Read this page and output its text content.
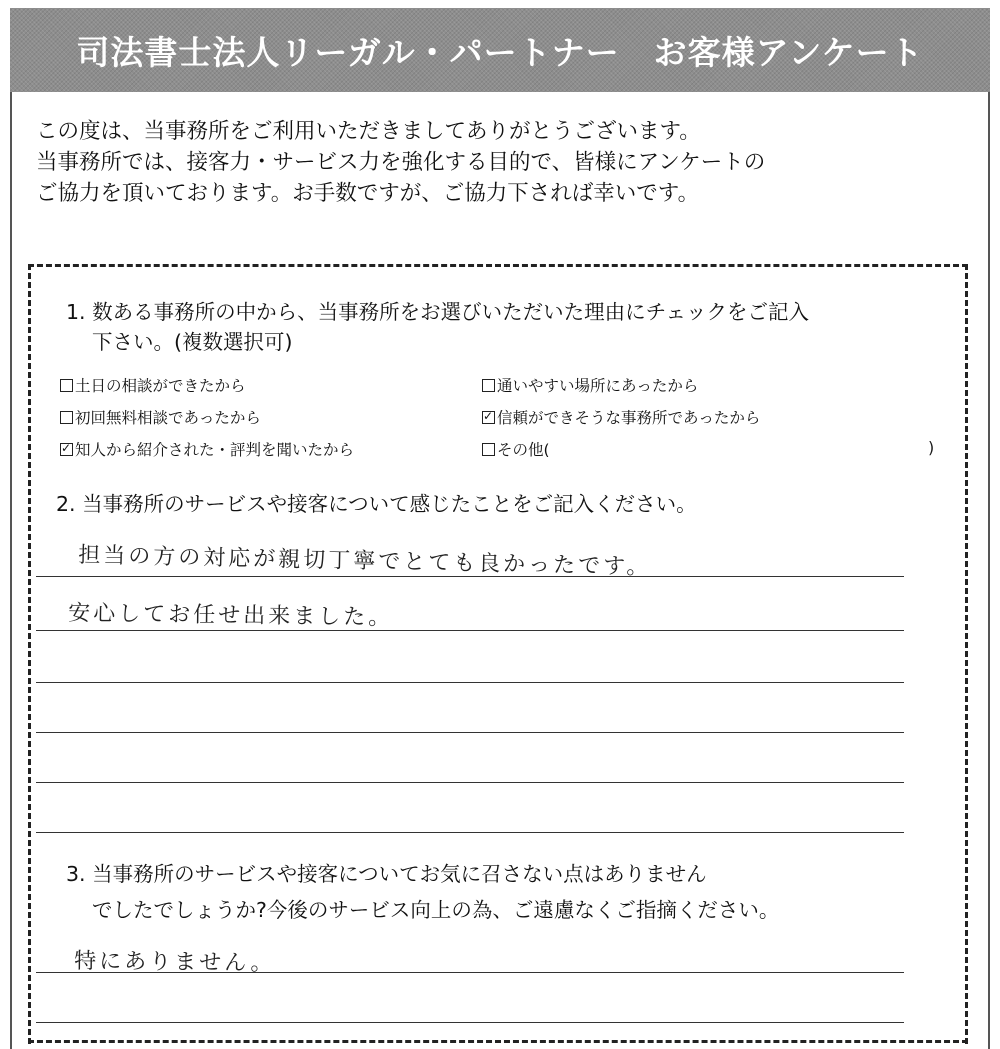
司法書士法人リーガル・パートナー　お客様アンケート
この度は、当事務所をご利用いただきましてありがとうございます。
当事務所では、接客力・サービス力を強化する目的で、皆様にアンケートの
ご協力を頂いております。お手数ですが、ご協力下されば幸いです。
1. 数ある事務所の中から、当事務所をお選びいただいた理由にチェックをご記入
下さい。(複数選択可)
土日の相談ができたから	通いやすい場所にあったから
初回無料相談であったから
✓	信頼ができそうな事務所であったから
✓
知人から紹介された・評判を聞いたから	その他(	)
2. 当事務所のサービスや接客について感じたことをご記入ください。
担当の方の対応が親切丁寧でとても良かったです。
安心してお任せ出来ました。
3. 当事務所のサービスや接客についてお気に召さない点はありません
でしたでしょうか?今後のサービス向上の為、ご遠慮なくご指摘ください。
特にありません。
